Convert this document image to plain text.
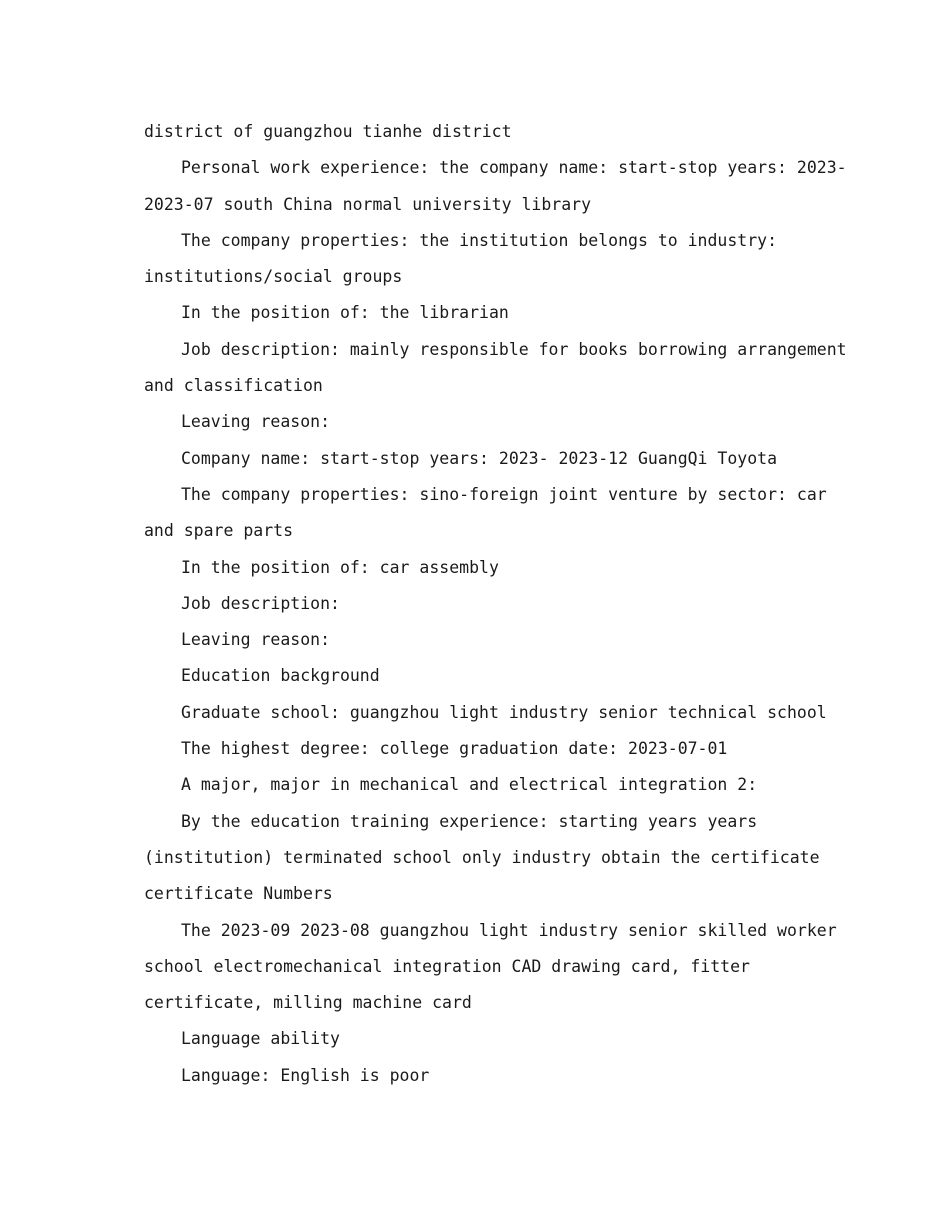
district of guangzhou tianhe district
Personal work experience: the company name: start-stop years: 2023-
2023-07 south China normal university library
The company properties: the institution belongs to industry:
institutions/social groups
In the position of: the librarian
Job description: mainly responsible for books borrowing arrangement
and classification
Leaving reason:
Company name: start-stop years: 2023- 2023-12 GuangQi Toyota
The company properties: sino-foreign joint venture by sector: car
and spare parts
In the position of: car assembly
Job description:
Leaving reason:
Education background
Graduate school: guangzhou light industry senior technical school
The highest degree: college graduation date: 2023-07-01
A major, major in mechanical and electrical integration 2:
By the education training experience: starting years years
(institution) terminated school only industry obtain the certificate
certificate Numbers
The 2023-09 2023-08 guangzhou light industry senior skilled worker
school electromechanical integration CAD drawing card, fitter
certificate, milling machine card
Language ability
Language: English is poor
